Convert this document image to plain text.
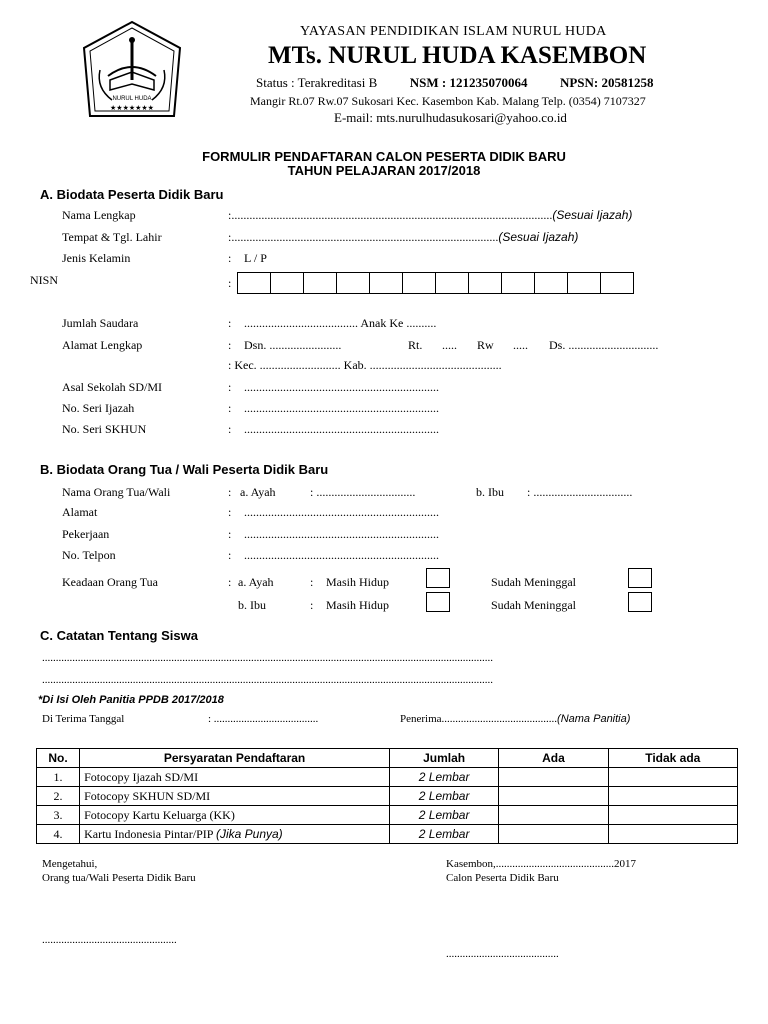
NURUL HUDA
★★★★★★★
YAYASAN PENDIDIKAN ISLAM NURUL HUDA
MTs. NURUL HUDA KASEMBON
Status : Terakreditasi B	NSM : 121235070064	NPSN: 20581258
Mangir Rt.07 Rw.07 Sukosari Kec. Kasembon Kab. Malang Telp. (0354) 7107327
E-mail: mts.nurulhudasukosari@yahoo.co.id
FORMULIR PENDAFTARAN CALON PESERTA DIDIK BARU
TAHUN PELAJARAN 2017/2018
A. Biodata Peserta Didik Baru
Nama Lengkap	:...........................................................................................................(Sesuai Ijazah)
Tempat & Tgl. Lahir	:.........................................................................................(Sesuai Ijazah)
Jenis Kelamin	: L / P
NISN	:
Jumlah Saudara	: ...................................... Anak Ke ..........
Alamat Lengkap	: Dsn. ........................	Rt. ..... Rw ..... Ds. ..............................
: Kec. ........................... Kab. ............................................
Asal Sekolah SD/MI	: .................................................................
No. Seri Ijazah	: .................................................................
No. Seri SKHUN	: .................................................................
B. Biodata Orang Tua / Wali Peserta Didik Baru
Nama Orang Tua/Wali	: a. Ayah	: .................................	b. Ibu : .................................
Alamat	: .................................................................
Pekerjaan	: .................................................................
No. Telpon	: .................................................................
Keadaan Orang Tua	: a. Ayah	: Masih Hidup	Sudah Meninggal
b. Ibu	: Masih Hidup	Sudah Meninggal
C. Catatan Tentang Siswa
....................................................................................................................................................................
....................................................................................................................................................................
*Di Isi Oleh Panitia PPDB 2017/2018
Di Terima Tanggal	: ......................................	Penerima..........................................(Nama Panitia)
No.	Persyaratan Pendaftaran	Jumlah	Ada	Tidak ada
1.	Fotocopy Ijazah SD/MI	2 Lembar		
2.	Fotocopy SKHUN SD/MI	2 Lembar		
3.	Fotocopy Kartu Keluarga (KK)	2 Lembar		
4.	Kartu Indonesia Pintar/PIP (Jika Punya)	2 Lembar		
Mengetahui,
Orang tua/Wali Peserta Didik Baru
Kasembon,...........................................2017
Calon Peserta Didik Baru
.................................................
.........................................
